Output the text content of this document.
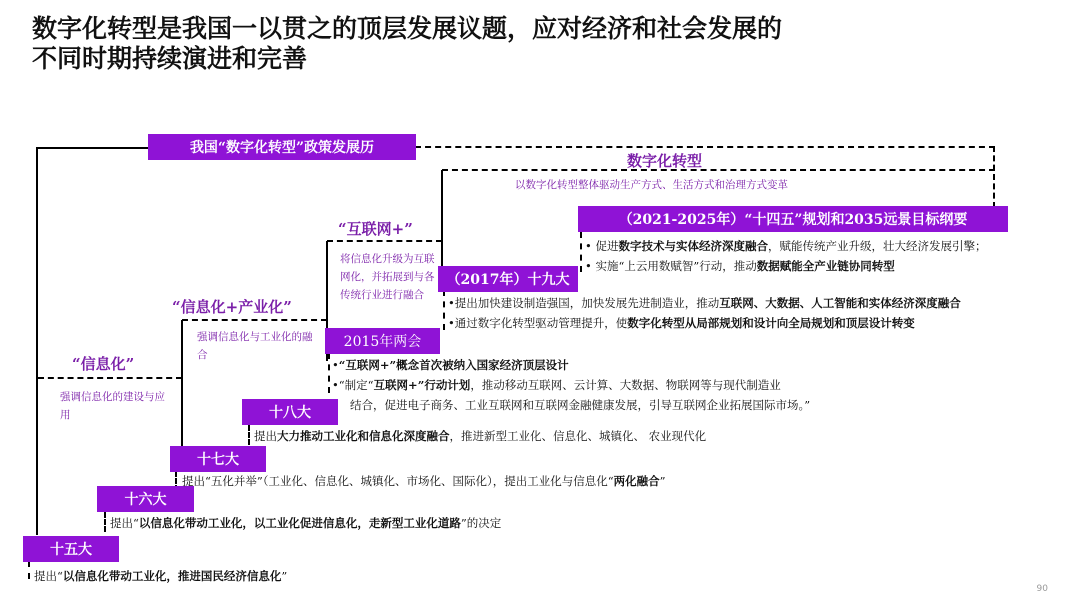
数字化转型是我国一以贯之的顶层发展议题，应对经济和社会发展的
不同时期持续演进和完善
我国“数字化转型”政策发展历
“信息化”
强调信息化的建设与应用
“信息化+产业化”
强调信息化与工业化的融合
“互联网+”
将信息化升级为互联网化，并拓展到与各传统行业进行融合
数字化转型
以数字化转型整体驱动生产方式、生活方式和治理方式变革
十五大
提出“以信息化带动工业化，推进国民经济信息化”
十六大
提出“以信息化带动工业化，以工业化促进信息化，走新型工业化道路”的决定
十七大
提出“五化并举”（工业化、信息化、城镇化、市场化、国际化），提出工业化与信息化“两化融合”
十八大
提出大力推动工业化和信息化深度融合，推进新型工业化、信息化、城镇化、 农业现代化
2015年两会
•“互联网+”概念首次被纳入国家经济顶层设计
•“制定“互联网+”行动计划，推动移动互联网、云计算、大数据、物联网等与现代制造业
结合，促进电子商务、工业互联网和互联网金融健康发展，引导互联网企业拓展国际市场。”
（2017年）十九大
•提出加快建设制造强国，加快发展先进制造业，推动互联网、大数据、人工智能和实体经济深度融合
•通过数字化转型驱动管理提升，使数字化转型从局部规划和设计向全局规划和顶层设计转变
（2021-2025年）“十四五”规划和2035远景目标纲要
• 促进数字技术与实体经济深度融合，赋能传统产业升级，壮大经济发展引擎；
• 实施“上云用数赋智”行动，推动数据赋能全产业链协同转型
90
